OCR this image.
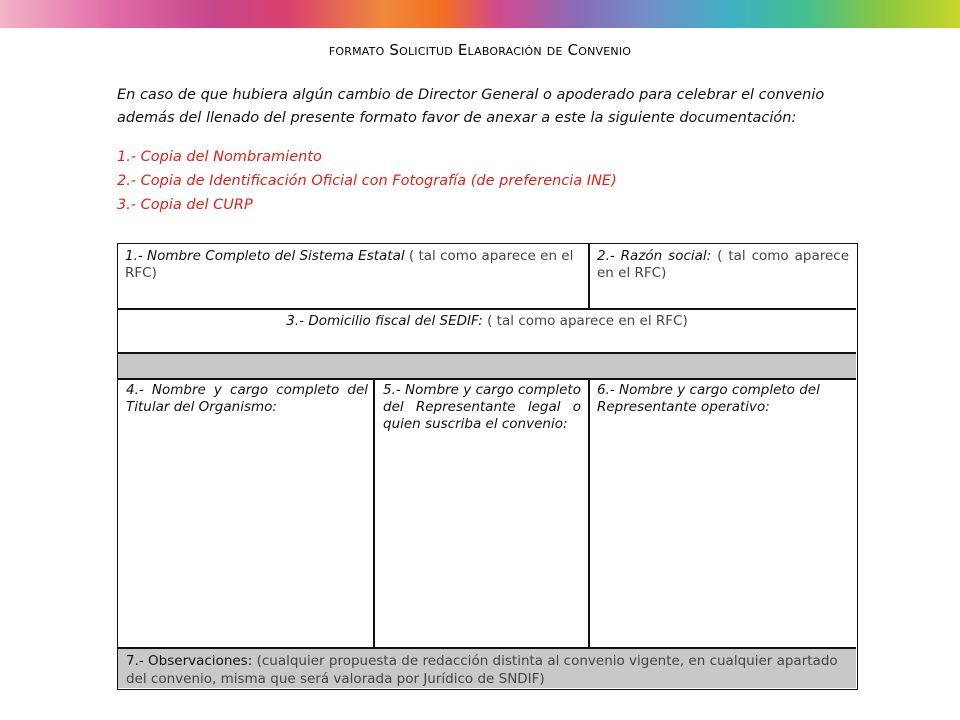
formato Solicitud Elaboración de Convenio
En caso de que hubiera algún cambio de Director General o apoderado para celebrar el convenio además del llenado del presente formato favor de anexar a este la siguiente documentación:
1.- Copia del Nombramiento
2.- Copia de Identificación Oficial con Fotografía (de preferencia INE)
3.- Copia del CURP
1.- Nombre Completo del Sistema Estatal ( tal como aparece en el RFC)
2.- Razón social: ( tal como aparece en el RFC)
3.- Domicilio fiscal del SEDIF: ( tal como aparece en el RFC)
4.- Nombre y cargo completo del Titular del Organismo:
5.- Nombre y cargo completo del Representante legal o quien suscriba el convenio:
6.- Nombre y cargo completo del Representante operativo:
7.- Observaciones: (cualquier propuesta de redacción distinta al convenio vigente, en cualquier apartado del convenio, misma que será valorada por Jurídico de SNDIF)
